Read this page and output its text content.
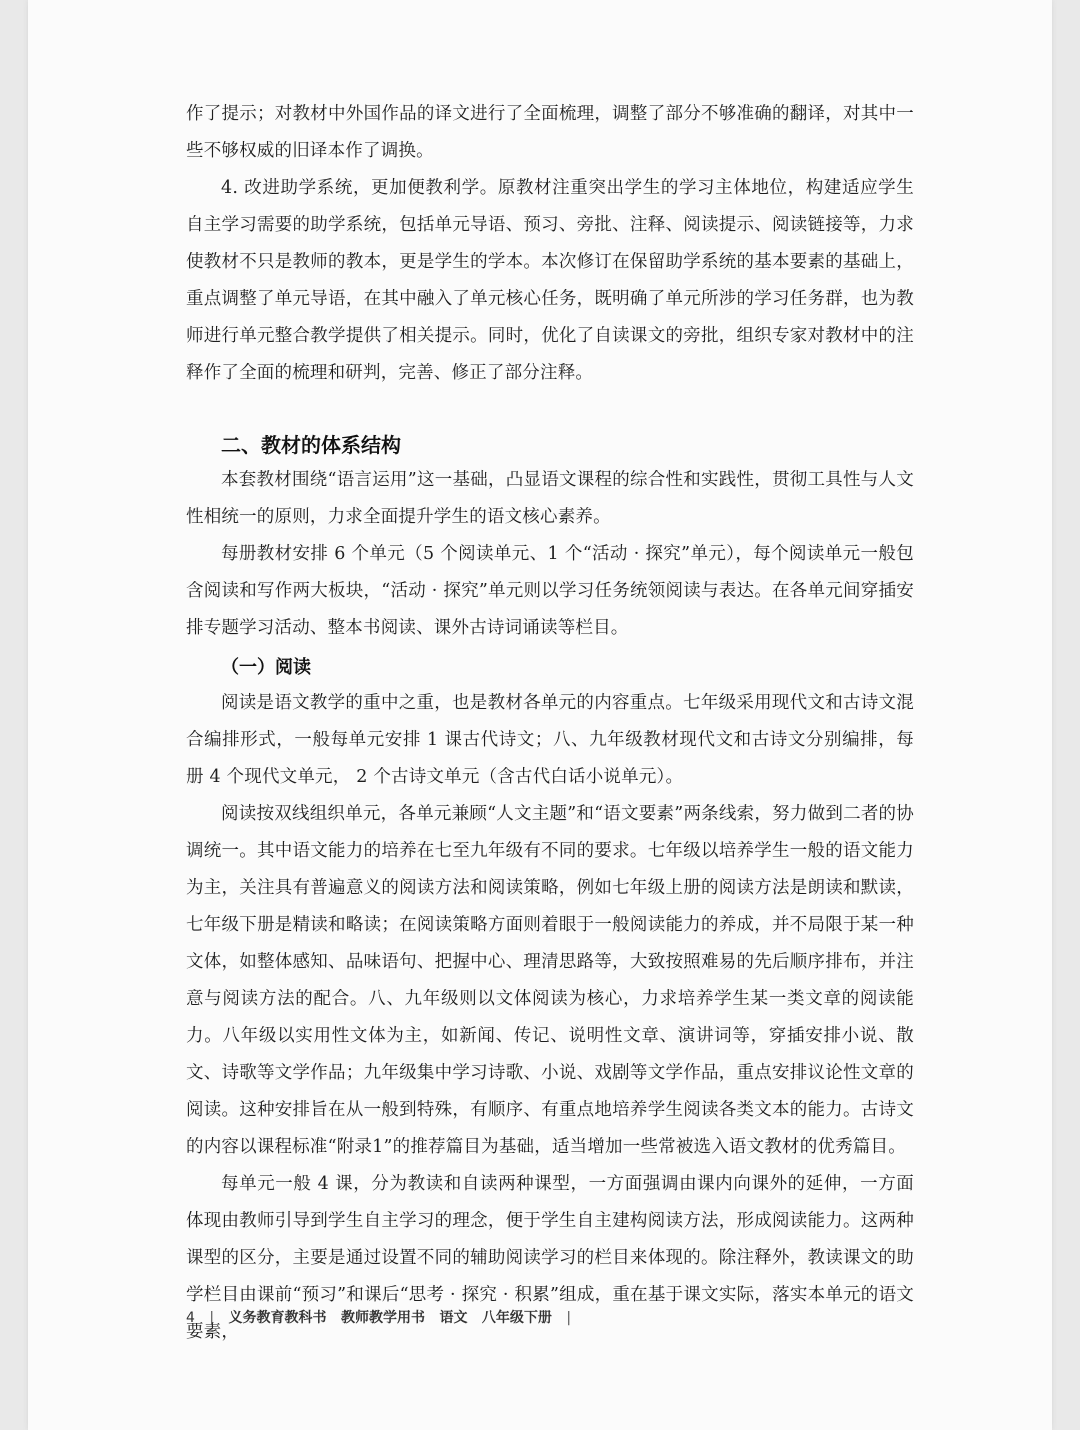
作了提示；对教材中外国作品的译文进行了全面梳理，调整了部分不够准确的翻译，对其中一些不够权威的旧译本作了调换。

4. 改进助学系统，更加便教利学。原教材注重突出学生的学习主体地位，构建适应学生自主学习需要的助学系统，包括单元导语、预习、旁批、注释、阅读提示、阅读链接等，力求使教材不只是教师的教本，更是学生的学本。本次修订在保留助学系统的基本要素的基础上，重点调整了单元导语，在其中融入了单元核心任务，既明确了单元所涉的学习任务群，也为教师进行单元整合教学提供了相关提示。同时，优化了自读课文的旁批，组织专家对教材中的注释作了全面的梳理和研判，完善、修正了部分注释。

二、教材的体系结构

本套教材围绕“语言运用”这一基础，凸显语文课程的综合性和实践性，贯彻工具性与人文性相统一的原则，力求全面提升学生的语文核心素养。

每册教材安排 6 个单元（5 个阅读单元、1 个“活动 · 探究”单元），每个阅读单元一般包含阅读和写作两大板块，“活动 · 探究”单元则以学习任务统领阅读与表达。在各单元间穿插安排专题学习活动、整本书阅读、课外古诗词诵读等栏目。

（一）阅读

阅读是语文教学的重中之重，也是教材各单元的内容重点。七年级采用现代文和古诗文混合编排形式，一般每单元安排 1 课古代诗文；八、九年级教材现代文和古诗文分别编排，每册 4 个现代文单元， 2 个古诗文单元（含古代白话小说单元）。

阅读按双线组织单元，各单元兼顾“人文主题”和“语文要素”两条线索，努力做到二者的协调统一。其中语文能力的培养在七至九年级有不同的要求。七年级以培养学生一般的语文能力为主，关注具有普遍意义的阅读方法和阅读策略，例如七年级上册的阅读方法是朗读和默读，七年级下册是精读和略读；在阅读策略方面则着眼于一般阅读能力的养成，并不局限于某一种文体，如整体感知、品味语句、把握中心、理清思路等，大致按照难易的先后顺序排布，并注意与阅读方法的配合。八、九年级则以文体阅读为核心，力求培养学生某一类文章的阅读能力。八年级以实用性文体为主，如新闻、传记、说明性文章、演讲词等，穿插安排小说、散文、诗歌等文学作品；九年级集中学习诗歌、小说、戏剧等文学作品，重点安排议论性文章的阅读。这种安排旨在从一般到特殊，有顺序、有重点地培养学生阅读各类文本的能力。古诗文的内容以课程标准“附录1”的推荐篇目为基础，适当增加一些常被选入语文教材的优秀篇目。

每单元一般 4 课，分为教读和自读两种课型，一方面强调由课内向课外的延伸，一方面体现由教师引导到学生自主学习的理念，便于学生自主建构阅读方法，形成阅读能力。这两种课型的区分，主要是通过设置不同的辅助阅读学习的栏目来体现的。除注释外，教读课文的助学栏目由课前“预习”和课后“思考 · 探究 · 积累”组成，重在基于课文实际，落实本单元的语文要素，

4 | 义务教育教科书 教师教学用书 语文 八年级下册 |
